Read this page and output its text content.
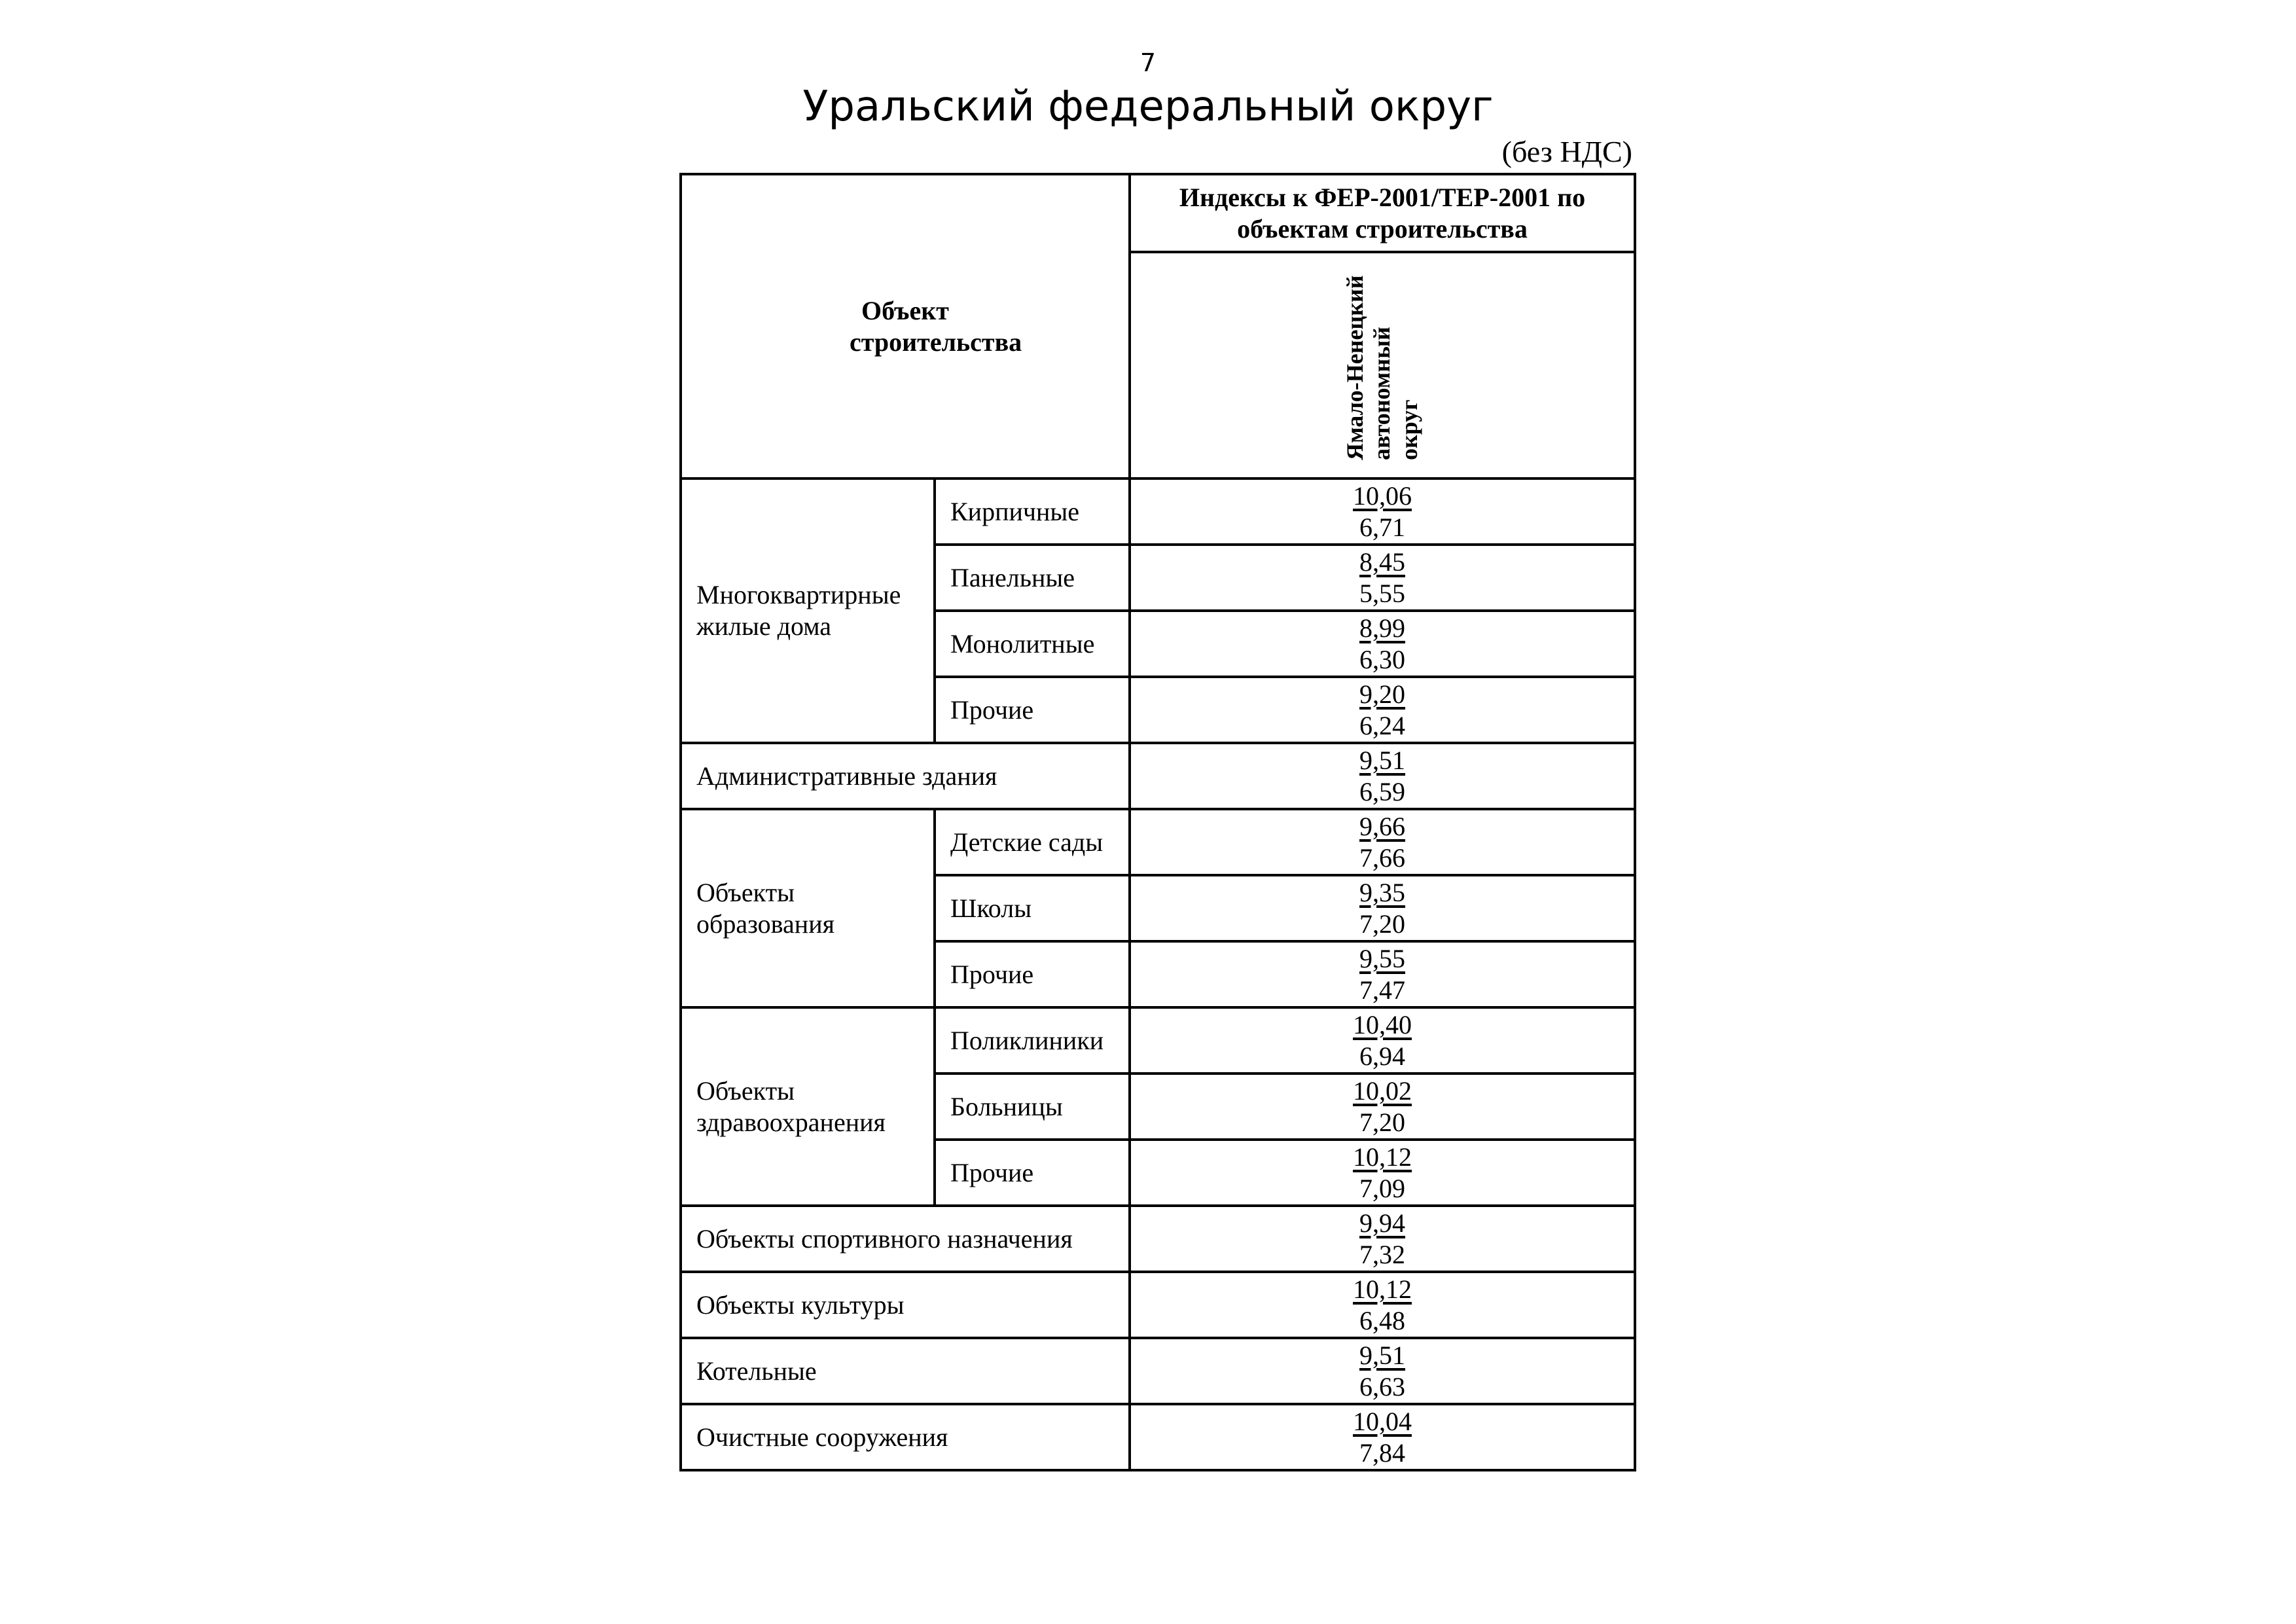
7
Уральский федеральный округ
(без НДС)
Объект строительства		Индексы к ФЕР-2001/ТЕР-2001 по объектам строительства

		Ямало-Ненецкий автономный округ

Многоквартирные жилые дома	Кирпичные	$\frac{10,06}{6,71}$

	Панельные	$\frac{8,45}{5,55}$

	Монолитные	$\frac{8,99}{6,30}$

	Прочие	$\frac{9,20}{6,24}$

Административные здания		$\frac{9,51}{6,59}$

Объекты образования	Детские сады	$\frac{9,66}{7,66}$

	Школы	$\frac{9,35}{7,20}$

	Прочие	$\frac{9,55}{7,47}$

Объекты здравоохранения	Поликлиники	$\frac{10,40}{6,94}$

	Больницы	$\frac{10,02}{7,20}$

	Прочие	$\frac{10,12}{7,09}$

Объекты спортивного назначения		$\frac{9,94}{7,32}$

Объекты культуры		$\frac{10,12}{6,48}$

Котельные		$\frac{9,51}{6,63}$

Очистные сооружения		$\frac{10,04}{7,84}$
